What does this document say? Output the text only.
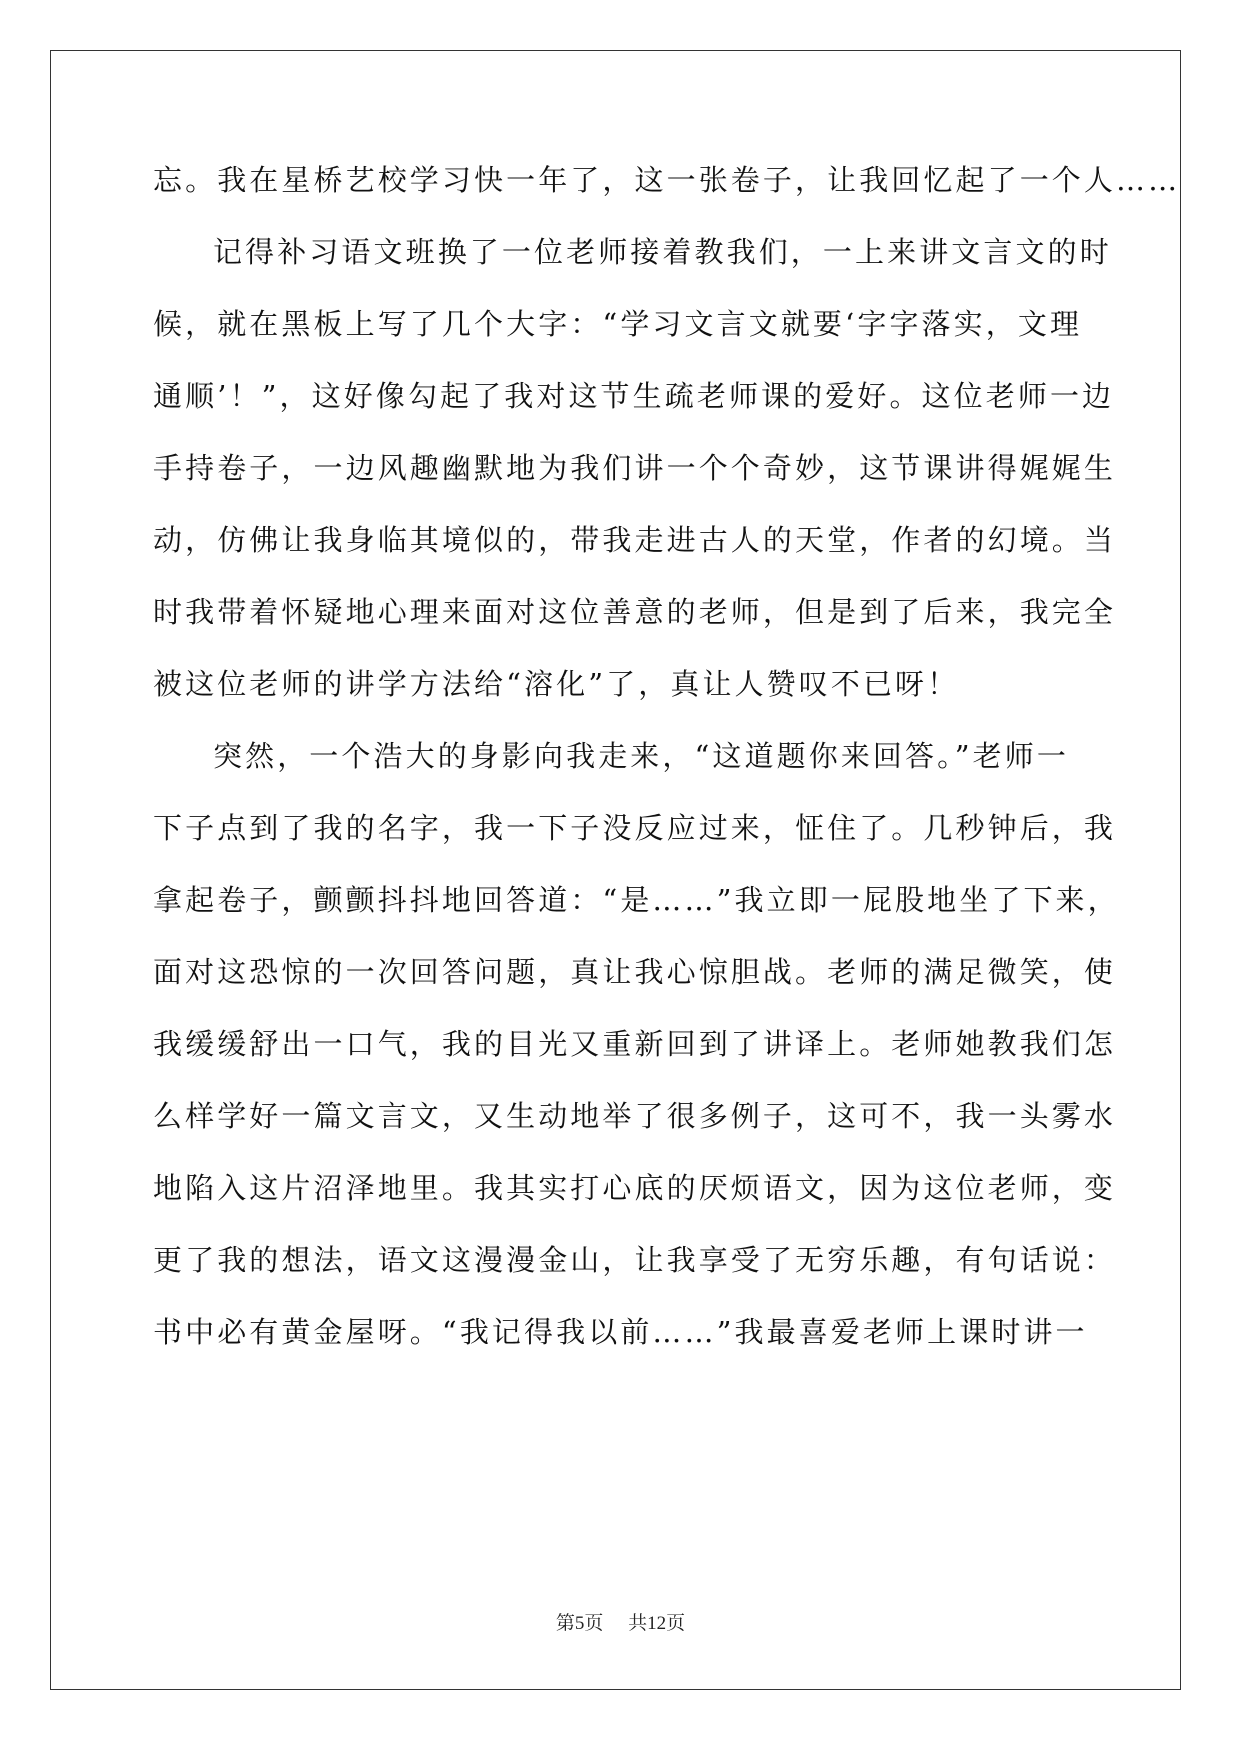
忘。我在星桥艺校学习快一年了，这一张卷子，让我回忆起了一个人……
记得补习语文班换了一位老师接着教我们，一上来讲文言文的时
候，就在黑板上写了几个大字：“学习文言文就要‘字字落实，文理
通顺’！”，这好像勾起了我对这节生疏老师课的爱好。这位老师一边
手持卷子，一边风趣幽默地为我们讲一个个奇妙，这节课讲得娓娓生
动，仿佛让我身临其境似的，带我走进古人的天堂，作者的幻境。当
时我带着怀疑地心理来面对这位善意的老师，但是到了后来，我完全
被这位老师的讲学方法给“溶化”了，真让人赞叹不已呀！
突然，一个浩大的身影向我走来，“这道题你来回答。”老师一
下子点到了我的名字，我一下子没反应过来，怔住了。几秒钟后，我
拿起卷子，颤颤抖抖地回答道：“是……”我立即一屁股地坐了下来，
面对这恐惊的一次回答问题，真让我心惊胆战。老师的满足微笑，使
我缓缓舒出一口气，我的目光又重新回到了讲译上。老师她教我们怎
么样学好一篇文言文，又生动地举了很多例子，这可不，我一头雾水
地陷入这片沼泽地里。我其实打心底的厌烦语文，因为这位老师，变
更了我的想法，语文这漫漫金山，让我享受了无穷乐趣，有句话说：
书中必有黄金屋呀。“我记得我以前……”我最喜爱老师上课时讲一
第5页 共12页
